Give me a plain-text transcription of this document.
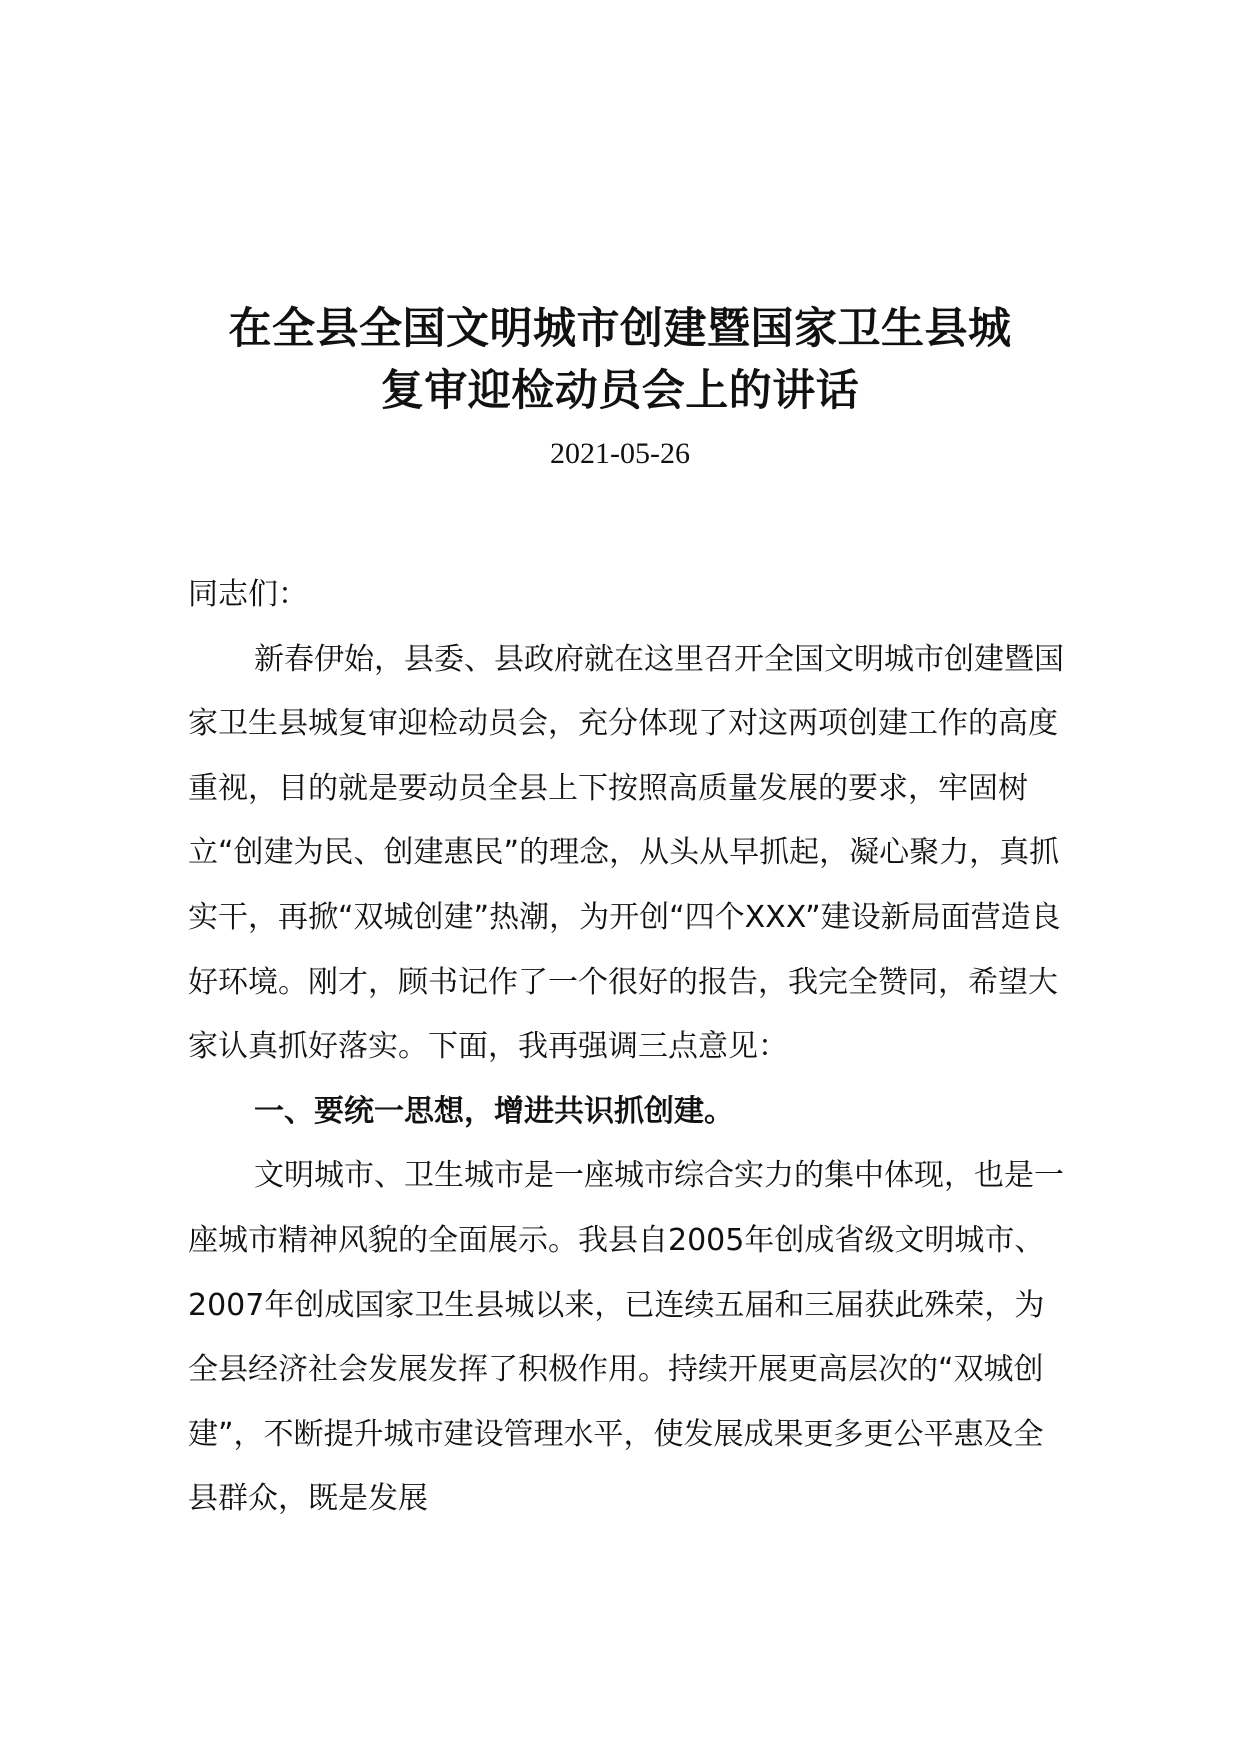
在全县全国文明城市创建暨国家卫生县城
复审迎检动员会上的讲话
2021-05-26

同志们：

新春伊始，县委、县政府就在这里召开全国文明城市创建暨国家卫生县城复审迎检动员会，充分体现了对这两项创建工作的高度重视，目的就是要动员全县上下按照高质量发展的要求，牢固树立“创建为民、创建惠民”的理念，从头从早抓起，凝心聚力，真抓实干，再掀“双城创建”热潮，为开创“四个XXX”建设新局面营造良好环境。刚才，顾书记作了一个很好的报告，我完全赞同，希望大家认真抓好落实。下面，我再强调三点意见：

一、要统一思想，增进共识抓创建。

文明城市、卫生城市是一座城市综合实力的集中体现，也是一座城市精神风貌的全面展示。我县自2005年创成省级文明城市、2007年创成国家卫生县城以来，已连续五届和三届获此殊荣，为全县经济社会发展发挥了积极作用。持续开展更高层次的“双城创建”，不断提升城市建设管理水平，使发展成果更多更公平惠及全县群众，既是发展
